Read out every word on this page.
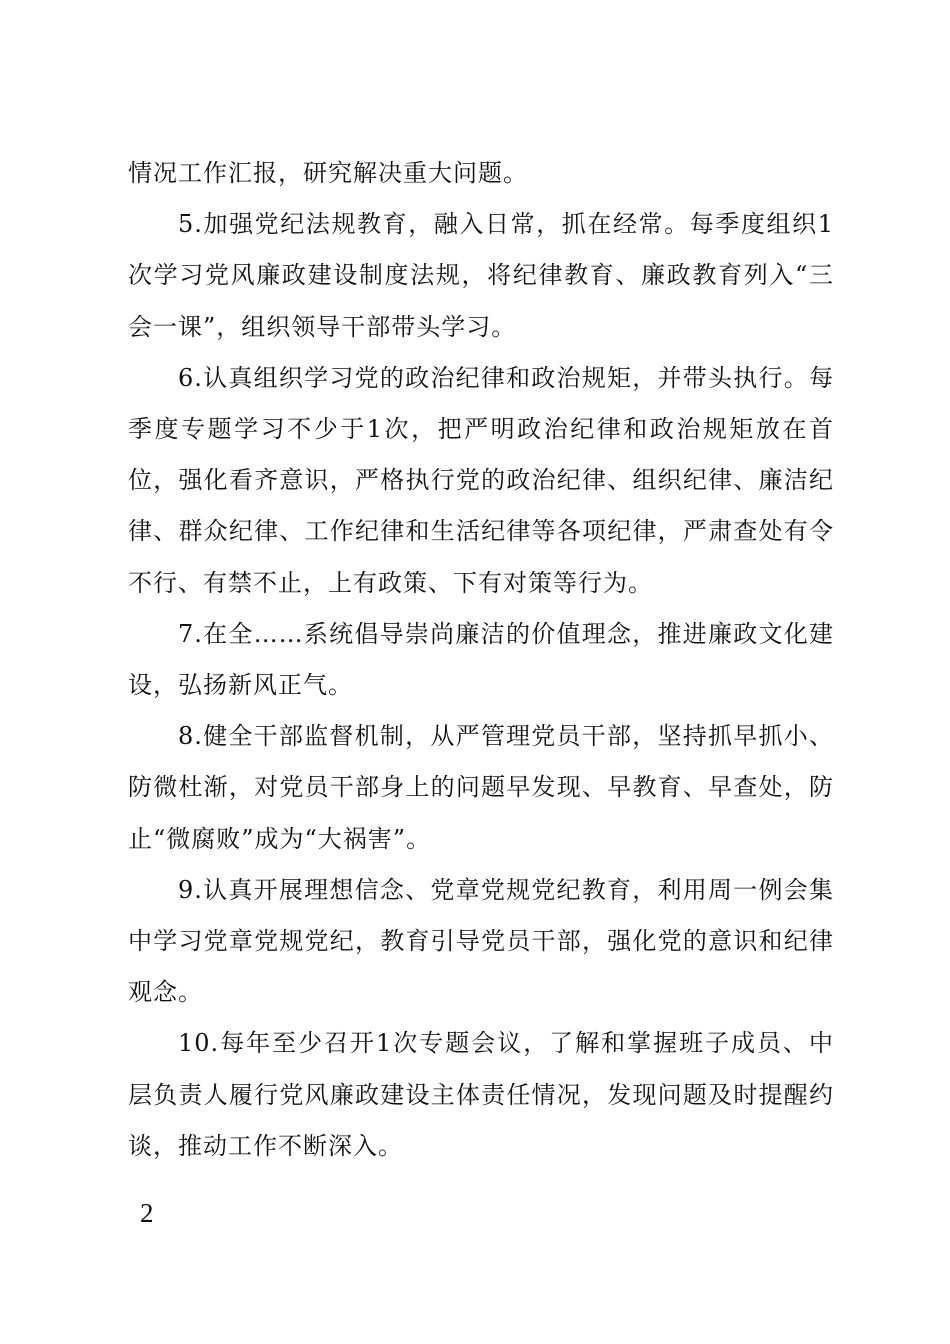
情况工作汇报，研究解决重大问题。

5.加强党纪法规教育，融入日常，抓在经常。每季度组织1次学习党风廉政建设制度法规，将纪律教育、廉政教育列入“三会一课”，组织领导干部带头学习。

6.认真组织学习党的政治纪律和政治规矩，并带头执行。每季度专题学习不少于1次，把严明政治纪律和政治规矩放在首位，强化看齐意识，严格执行党的政治纪律、组织纪律、廉洁纪律、群众纪律、工作纪律和生活纪律等各项纪律，严肃查处有令不行、有禁不止，上有政策、下有对策等行为。

7.在全……系统倡导崇尚廉洁的价值理念，推进廉政文化建设，弘扬新风正气。

8.健全干部监督机制，从严管理党员干部，坚持抓早抓小、防微杜渐，对党员干部身上的问题早发现、早教育、早查处，防止“微腐败”成为“大祸害”。

9.认真开展理想信念、党章党规党纪教育，利用周一例会集中学习党章党规党纪，教育引导党员干部，强化党的意识和纪律观念。

10.每年至少召开1次专题会议，了解和掌握班子成员、中层负责人履行党风廉政建设主体责任情况，发现问题及时提醒约谈，推动工作不断深入。

2
